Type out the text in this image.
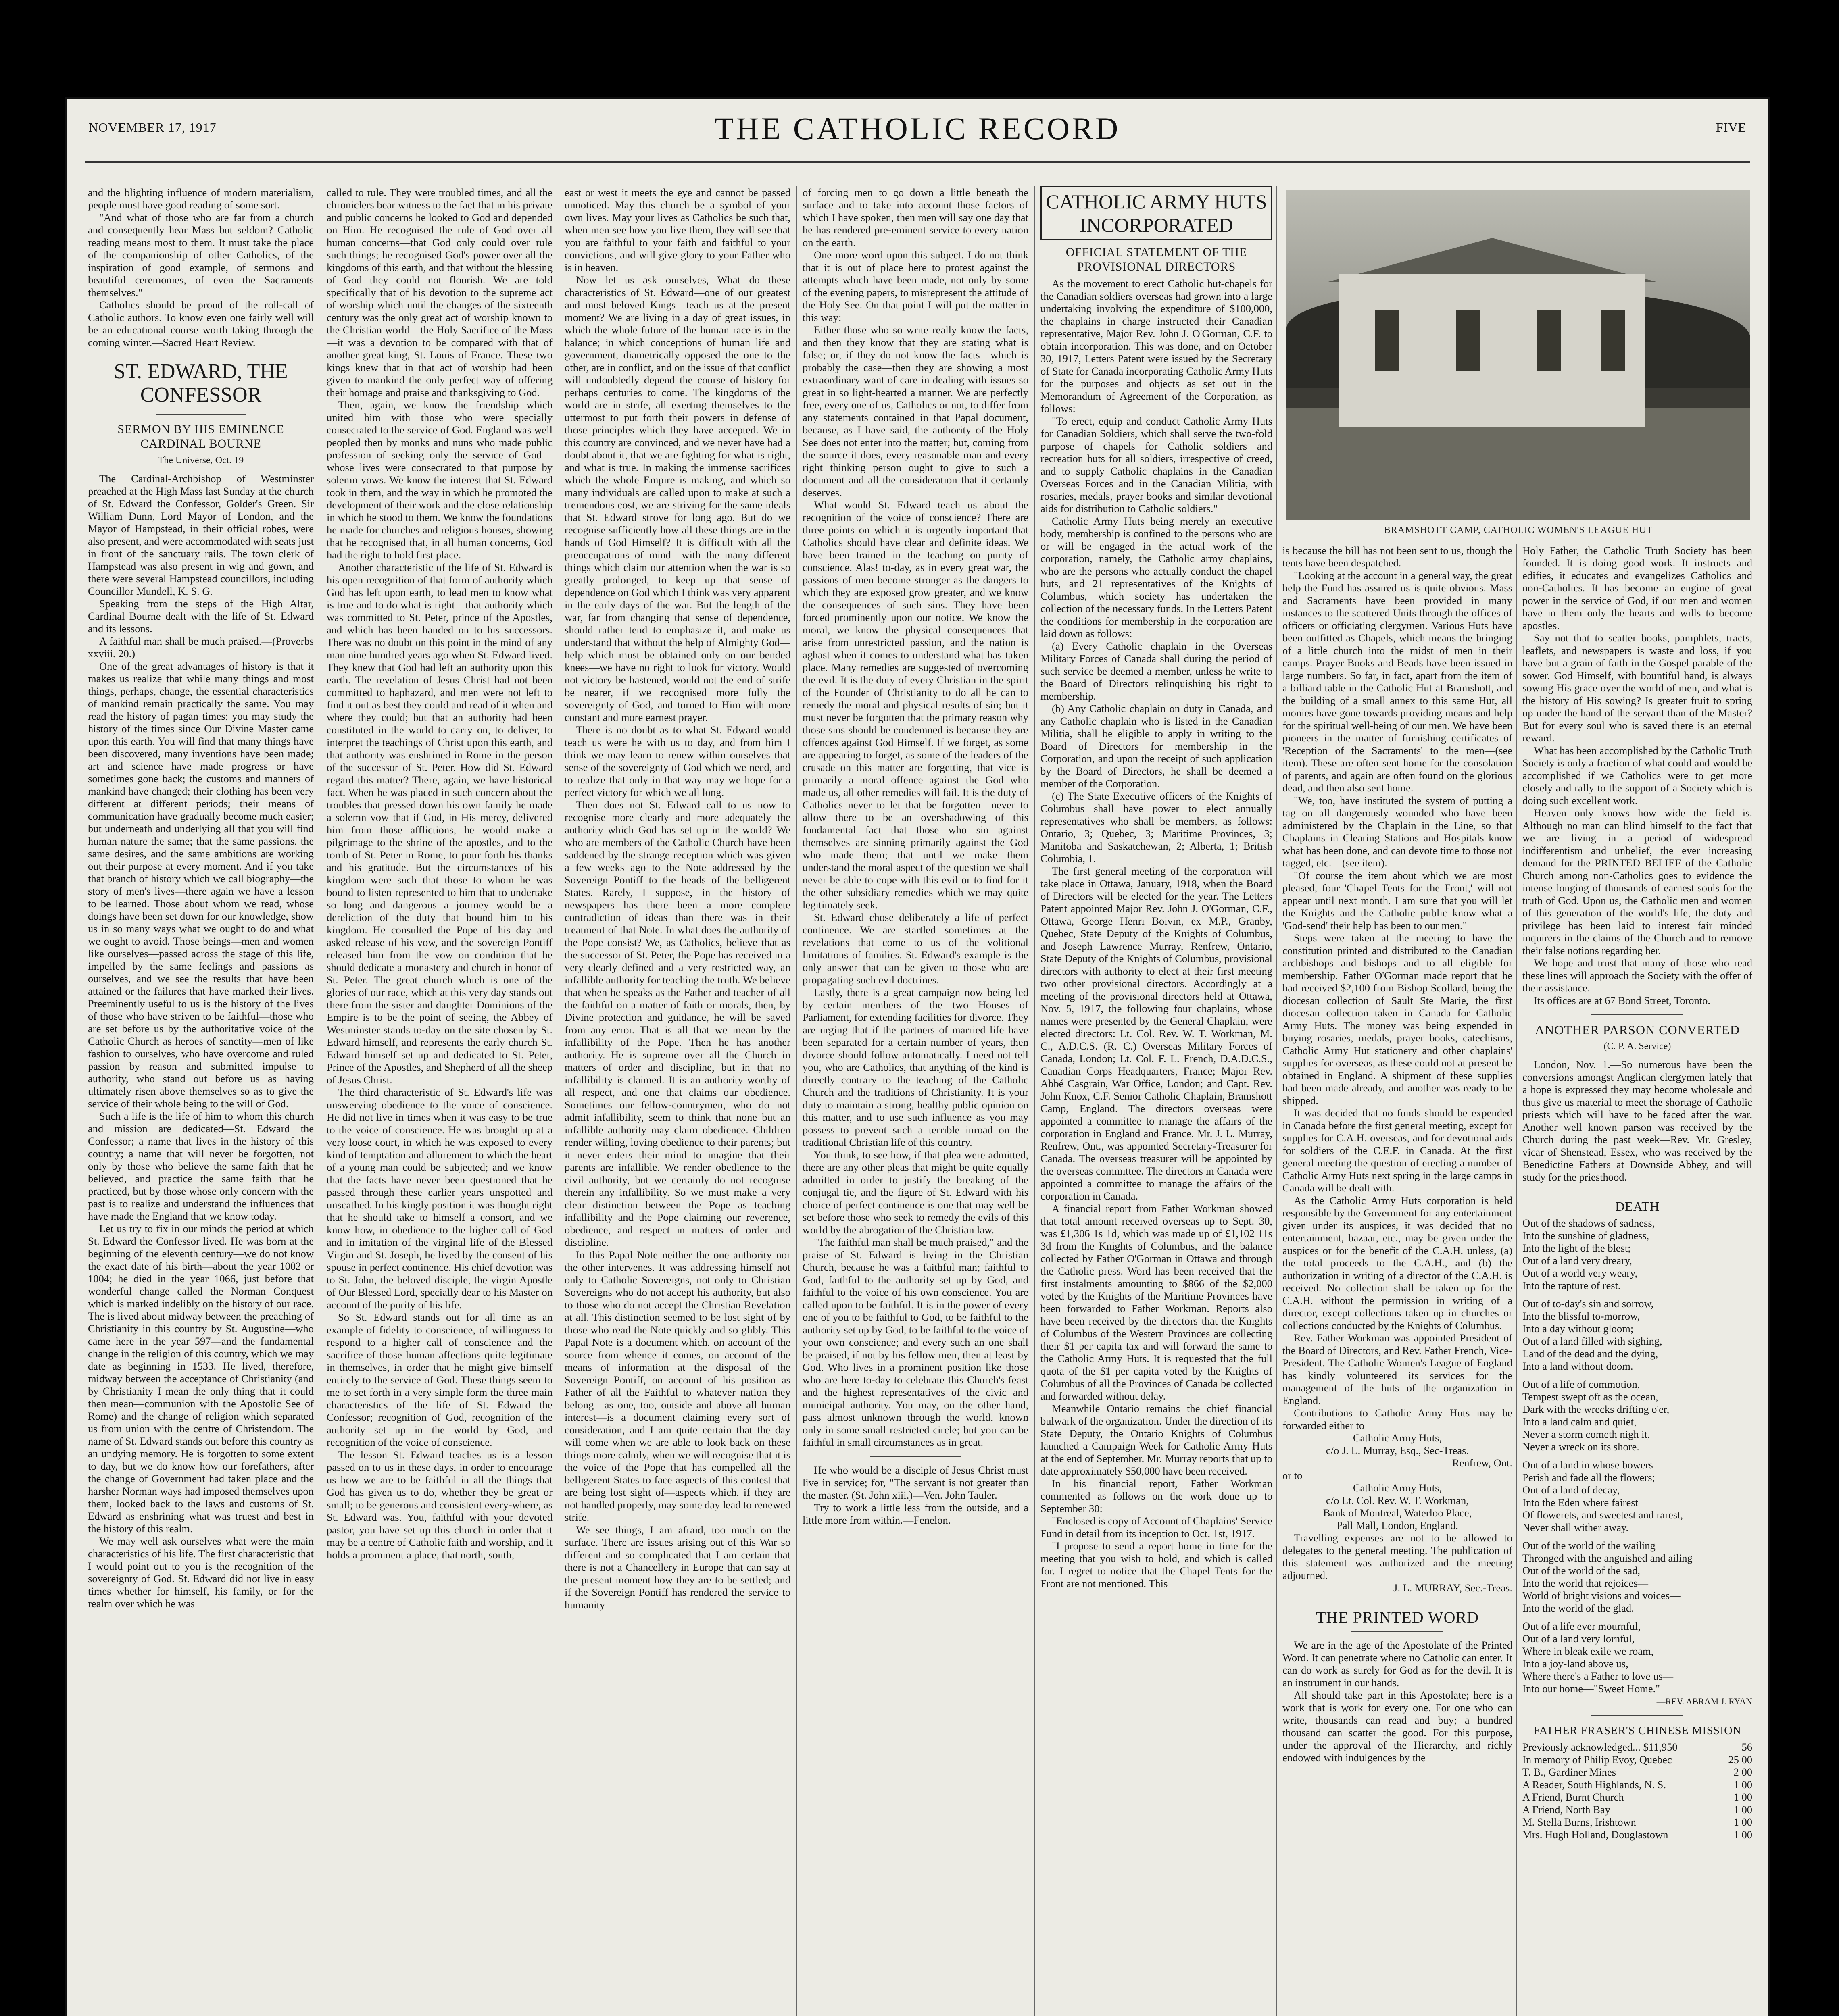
NOVEMBER 17, 1917	THE CATHOLIC RECORD	FIVE

and the blighting influence of modern materialism, people must have good reading of some sort.

"And what of those who are far from a church and consequently hear Mass but seldom? Catholic reading means most to them. It must take the place of the companionship of other Catholics, of the inspiration of good example, of sermons and beautiful ceremonies, of even the Sacraments themselves."

Catholics should be proud of the roll-call of Catholic authors. To know even one fairly well will be an educational course worth taking through the coming winter.—Sacred Heart Review.

ST. EDWARD, THE CONFESSOR
SERMON BY HIS EMINENCE CARDINAL BOURNE
The Universe, Oct. 19

The Cardinal-Archbishop of Westminster preached at the High Mass last Sunday at the church of St. Edward the Confessor, Golder's Green. Sir William Dunn, Lord Mayor of London, and the Mayor of Hampstead, in their official robes, were also present, and were accommodated with seats just in front of the sanctuary rails. The town clerk of Hampstead was also present in wig and gown, and there were several Hampstead councillors, including Councillor Mundell, K. S. G.

Speaking from the steps of the High Altar, Cardinal Bourne dealt with the life of St. Edward and its lessons.

A faithful man shall be much praised.—(Proverbs xxviii. 20.)

One of the great advantages of history is that it makes us realize that while many things and most things, perhaps, change, the essential characteristics of mankind remain practically the same. You may read the history of pagan times; you may study the history of the times since Our Divine Master came upon this earth. You will find that many things have been discovered, many inventions have been made; art and science have made progress or have sometimes gone back; the customs and manners of mankind have changed; their clothing has been very different at different periods; their means of communication have gradually become much easier; but underneath and underlying all that you will find human nature the same; that the same passions, the same desires, and the same ambitions are working out their purpose at every moment. And if you take that branch of history which we call biography—the story of men's lives—there again we have a lesson to be learned. Those about whom we read, whose doings have been set down for our knowledge, show us in so many ways what we ought to do and what we ought to avoid. Those beings—men and women like ourselves—passed across the stage of this life, impelled by the same feelings and passions as ourselves, and we see the results that have been attained or the failures that have marked their lives. Preeminently useful to us is the history of the lives of those who have striven to be faithful—those who are set before us by the authoritative voice of the Catholic Church as heroes of sanctity—men of like fashion to ourselves, who have overcome and ruled passion by reason and submitted impulse to authority, who stand out before us as having ultimately risen above themselves so as to give the service of their whole being to the will of God.

Such a life is the life of him to whom this church and mission are dedicated—St. Edward the Confessor; a name that lives in the history of this country; a name that will never be forgotten, not only by those who believe the same faith that he believed, and practice the same faith that he practiced, but by those whose only concern with the past is to realize and understand the influences that have made the England that we know today.

Let us try to fix in our minds the period at which St. Edward the Confessor lived. He was born at the beginning of the eleventh century—we do not know the exact date of his birth—about the year 1002 or 1004; he died in the year 1066, just before that wonderful change called the Norman Conquest which is marked indelibly on the history of our race. The is lived about midway between the preaching of Christianity in this country by St. Augustine—who came here in the year 597—and the fundamental change in the religion of this country, which we may date as beginning in 1533. He lived, therefore, midway between the acceptance of Christianity (and by Christianity I mean the only thing that it could then mean—communion with the Apostolic See of Rome) and the change of religion which separated us from union with the centre of Christendom. The name of St. Edward stands out before this country as an undying memory. He is forgotten to some extent to day, but we do know how our forefathers, after the change of Government had taken place and the harsher Norman ways had imposed themselves upon them, looked back to the laws and customs of St. Edward as enshrining what was truest and best in the history of this realm.

We may well ask ourselves what were the main characteristics of his life. The first characteristic that I would point out to you is the recognition of the sovereignty of God. St. Edward did not live in easy times whether for himself, his family, or for the realm over which he was

called to rule. They were troubled times, and all the chroniclers bear witness to the fact that in his private and public concerns he looked to God and depended on Him. He recognised the rule of God over all human concerns—that God only could over rule such things; he recognised God's power over all the kingdoms of this earth, and that without the blessing of God they could not flourish. We are told specifically that of his devotion to the supreme act of worship which until the changes of the sixteenth century was the only great act of worship known to the Christian world—the Holy Sacrifice of the Mass—it was a devotion to be compared with that of another great king, St. Louis of France. These two kings knew that in that act of worship had been given to mankind the only perfect way of offering their homage and praise and thanksgiving to God.

Then, again, we know the friendship which united him with those who were specially consecrated to the service of God. England was well peopled then by monks and nuns who made public profession of seeking only the service of God—whose lives were consecrated to that purpose by solemn vows. We know the interest that St. Edward took in them, and the way in which he promoted the development of their work and the close relationship in which he stood to them. We know the foundations he made for churches and religious houses, showing that he recognised that, in all human concerns, God had the right to hold first place.

Another characteristic of the life of St. Edward is his open recognition of that form of authority which God has left upon earth, to lead men to know what is true and to do what is right—that authority which was committed to St. Peter, prince of the Apostles, and which has been handed on to his successors. There was no doubt on this point in the mind of any man nine hundred years ago when St. Edward lived. They knew that God had left an authority upon this earth. The revelation of Jesus Christ had not been committed to haphazard, and men were not left to find it out as best they could and read of it when and where they could; but that an authority had been constituted in the world to carry on, to deliver, to interpret the teachings of Christ upon this earth, and that authority was enshrined in Rome in the person of the successor of St. Peter. How did St. Edward regard this matter? There, again, we have historical fact. When he was placed in such concern about the troubles that pressed down his own family he made a solemn vow that if God, in His mercy, delivered him from those afflictions, he would make a pilgrimage to the shrine of the apostles, and to the tomb of St. Peter in Rome, to pour forth his thanks and his gratitude. But the circumstances of his kingdom were such that those to whom he was bound to listen represented to him that to undertake so long and dangerous a journey would be a dereliction of the duty that bound him to his kingdom. He consulted the Pope of his day and asked release of his vow, and the sovereign Pontiff released him from the vow on condition that he should dedicate a monastery and church in honor of St. Peter. The great church which is one of the glories of our race, which at this very day stands out there from the sister and daughter Dominions of the Empire is to be the point of seeing, the Abbey of Westminster stands to-day on the site chosen by St. Edward himself, and represents the early church St. Edward himself set up and dedicated to St. Peter, Prince of the Apostles, and Shepherd of all the sheep of Jesus Christ.

The third characteristic of St. Edward's life was unswerving obedience to the voice of conscience. He did not live in times when it was easy to be true to the voice of conscience. He was brought up at a very loose court, in which he was exposed to every kind of temptation and allurement to which the heart of a young man could be subjected; and we know that the facts have never been questioned that he passed through these earlier years unspotted and unscathed. In his kingly position it was thought right that he should take to himself a consort, and we know how, in obedience to the higher call of God and in imitation of the virginal life of the Blessed Virgin and St. Joseph, he lived by the consent of his spouse in perfect continence. His chief devotion was to St. John, the beloved disciple, the virgin Apostle of Our Blessed Lord, specially dear to his Master on account of the purity of his life.

So St. Edward stands out for all time as an example of fidelity to conscience, of willingness to respond to a higher call of conscience and the sacrifice of those human affections quite legitimate in themselves, in order that he might give himself entirely to the service of God. These things seem to me to set forth in a very simple form the three main characteristics of the life of St. Edward the Confessor; recognition of God, recognition of the authority set up in the world by God, and recognition of the voice of conscience.

The lesson St. Edward teaches us is a lesson passed on to us in these days, in order to encourage us how we are to be faithful in all the things that God has given us to do, whether they be great or small; to be generous and consistent every-where, as St. Edward was. You, faithful with your devoted pastor, you have set up this church in order that it may be a centre of Catholic faith and worship, and it holds a prominent a place, that north, south,

east or west it meets the eye and cannot be passed unnoticed. May this church be a symbol of your own lives. May your lives as Catholics be such that, when men see how you live them, they will see that you are faithful to your faith and faithful to your convictions, and will give glory to your Father who is in heaven.

Now let us ask ourselves, What do these characteristics of St. Edward—one of our greatest and most beloved Kings—teach us at the present moment? We are living in a day of great issues, in which the whole future of the human race is in the balance; in which conceptions of human life and government, diametrically opposed the one to the other, are in conflict, and on the issue of that conflict will undoubtedly depend the course of history for perhaps centuries to come. The kingdoms of the world are in strife, all exerting themselves to the uttermost to put forth their powers in defense of those principles which they have accepted. We in this country are convinced, and we never have had a doubt about it, that we are fighting for what is right, and what is true. In making the immense sacrifices which the whole Empire is making, and which so many individuals are called upon to make at such a tremendous cost, we are striving for the same ideals that St. Edward strove for long ago. But do we recognise sufficiently how all these things are in the hands of God Himself? It is difficult with all the preoccupations of mind—with the many different things which claim our attention when the war is so greatly prolonged, to keep up that sense of dependence on God which I think was very apparent in the early days of the war. But the length of the war, far from changing that sense of dependence, should rather tend to emphasize it, and make us understand that without the help of Almighty God—help which must be obtained only on our bended knees—we have no right to look for victory. Would not victory be hastened, would not the end of strife be nearer, if we recognised more fully the sovereignty of God, and turned to Him with more constant and more earnest prayer.

There is no doubt as to what St. Edward would teach us were he with us to day, and from him I think we may learn to renew within ourselves that sense of the sovereignty of God which we need, and to realize that only in that way may we hope for a perfect victory for which we all long.

Then does not St. Edward call to us now to recognise more clearly and more adequately the authority which God has set up in the world? We who are members of the Catholic Church have been saddened by the strange reception which was given a few weeks ago to the Note addressed by the Sovereign Pontiff to the heads of the belligerent States. Rarely, I suppose, in the history of newspapers has there been a more complete contradiction of ideas than there was in their treatment of that Note. In what does the authority of the Pope consist? We, as Catholics, believe that as the successor of St. Peter, the Pope has received in a very clearly defined and a very restricted way, an infallible authority for teaching the truth. We believe that when he speaks as the Father and teacher of all the faithful on a matter of faith or morals, then, by Divine protection and guidance, he will be saved from any error. That is all that we mean by the infallibility of the Pope. Then he has another authority. He is supreme over all the Church in matters of order and discipline, but in that no infallibility is claimed. It is an authority worthy of all respect, and one that claims our obedience. Sometimes our fellow-countrymen, who do not admit infallibility, seem to think that none but an infallible authority may claim obedience. Children render willing, loving obedience to their parents; but it never enters their mind to imagine that their parents are infallible. We render obedience to the civil authority, but we certainly do not recognise therein any infallibility. So we must make a very clear distinction between the Pope as teaching infallibility and the Pope claiming our reverence, obedience, and respect in matters of order and discipline.

In this Papal Note neither the one authority nor the other intervenes. It was addressing himself not only to Catholic Sovereigns, not only to Christian Sovereigns who do not accept his authority, but also to those who do not accept the Christian Revelation at all. This distinction seemed to be lost sight of by those who read the Note quickly and so glibly. This Papal Note is a document which, on account of the source from whence it comes, on account of the means of information at the disposal of the Sovereign Pontiff, on account of his position as Father of all the Faithful to whatever nation they belong—as one, too, outside and above all human interest—is a document claiming every sort of consideration, and I am quite certain that the day will come when we are able to look back on these things more calmly, when we will recognise that it is the voice of the Pope that has compelled all the belligerent States to face aspects of this contest that are being lost sight of—aspects which, if they are not handled properly, may some day lead to renewed strife.

We see things, I am afraid, too much on the surface. There are issues arising out of this War so different and so complicated that I am certain that there is not a Chancellery in Europe that can say at the present moment how they are to be settled; and if the Sovereign Pontiff has rendered the service to humanity

of forcing men to go down a little beneath the surface and to take into account those factors of which I have spoken, then men will say one day that he has rendered pre-eminent service to every nation on the earth.

One more word upon this subject. I do not think that it is out of place here to protest against the attempts which have been made, not only by some of the evening papers, to misrepresent the attitude of the Holy See. On that point I will put the matter in this way:

Either those who so write really know the facts, and then they know that they are stating what is false; or, if they do not know the facts—which is probably the case—then they are showing a most extraordinary want of care in dealing with issues so great in so light-hearted a manner. We are perfectly free, every one of us, Catholics or not, to differ from any statements contained in that Papal document, because, as I have said, the authority of the Holy See does not enter into the matter; but, coming from the source it does, every reasonable man and every right thinking person ought to give to such a document and all the consideration that it certainly deserves.

What would St. Edward teach us about the recognition of the voice of conscience? There are three points on which it is urgently important that Catholics should have clear and definite ideas. We have been trained in the teaching on purity of conscience. Alas! to-day, as in every great war, the passions of men become stronger as the dangers to which they are exposed grow greater, and we know the consequences of such sins. They have been forced prominently upon our notice. We know the moral, we know the physical consequences that arise from unrestricted passion, and the nation is aghast when it comes to understand what has taken place. Many remedies are suggested of overcoming the evil. It is the duty of every Christian in the spirit of the Founder of Christianity to do all he can to remedy the moral and physical results of sin; but it must never be forgotten that the primary reason why those sins should be condemned is because they are offences against God Himself. If we forget, as some are appearing to forget, as some of the leaders of the crusade on this matter are forgetting, that vice is primarily a moral offence against the God who made us, all other remedies will fail. It is the duty of Catholics never to let that be forgotten—never to allow there to be an overshadowing of this fundamental fact that those who sin against themselves are sinning primarily against the God who made them; that until we make them understand the moral aspect of the question we shall never be able to cope with this evil or to find for it the other subsidiary remedies which we may quite legitimately seek.

St. Edward chose deliberately a life of perfect continence. We are startled sometimes at the revelations that come to us of the volitional limitations of families. St. Edward's example is the only answer that can be given to those who are propagating such evil doctrines.

Lastly, there is a great campaign now being led by certain members of the two Houses of Parliament, for extending facilities for divorce. They are urging that if the partners of married life have been separated for a certain number of years, then divorce should follow automatically. I need not tell you, who are Catholics, that anything of the kind is directly contrary to the teaching of the Catholic Church and the traditions of Christianity. It is your duty to maintain a strong, healthy public opinion on this matter, and to use such influence as you may possess to prevent such a terrible inroad on the traditional Christian life of this country.

You think, to see how, if that plea were admitted, there are any other pleas that might be quite equally admitted in order to justify the breaking of the conjugal tie, and the figure of St. Edward with his choice of perfect continence is one that may well be set before those who seek to remedy the evils of this world by the abrogation of the Christian law.

"The faithful man shall be much praised," and the praise of St. Edward is living in the Christian Church, because he was a faithful man; faithful to God, faithful to the authority set up by God, and faithful to the voice of his own conscience. You are called upon to be faithful. It is in the power of every one of you to be faithful to God, to be faithful to the authority set up by God, to be faithful to the voice of your own conscience; and every such an one shall be praised, if not by his fellow men, then at least by God. Who lives in a prominent position like those who are here to-day to celebrate this Church's feast and the highest representatives of the civic and municipal authority. You may, on the other hand, pass almost unknown through the world, known only in some small restricted circle; but you can be faithful in small circumstances as in great.

He who would be a disciple of Jesus Christ must live in service; for, "The servant is not greater than the master. (St. John xiii.)—Ven. John Tauler.

Try to work a little less from the outside, and a little more from within.—Fenelon.

CATHOLIC ARMY HUTS INCORPORATED
OFFICIAL STATEMENT OF THE PROVISIONAL DIRECTORS

As the movement to erect Catholic hut-chapels for the Canadian soldiers overseas had grown into a large undertaking involving the expenditure of $100,000, the chaplains in charge instructed their Canadian representative, Major Rev. John J. O'Gorman, C.F. to obtain incorporation. This was done, and on October 30, 1917, Letters Patent were issued by the Secretary of State for Canada incorporating Catholic Army Huts for the purposes and objects as set out in the Memorandum of Agreement of the Corporation, as follows:

"To erect, equip and conduct Catholic Army Huts for Canadian Soldiers, which shall serve the two-fold purpose of chapels for Catholic soldiers and recreation huts for all soldiers, irrespective of creed, and to supply Catholic chaplains in the Canadian Overseas Forces and in the Canadian Militia, with rosaries, medals, prayer books and similar devotional aids for distribution to Catholic soldiers."

Catholic Army Huts being merely an executive body, membership is confined to the persons who are or will be engaged in the actual work of the corporation, namely, the Catholic army chaplains, who are the persons who actually conduct the chapel huts, and 21 representatives of the Knights of Columbus, which society has undertaken the collection of the necessary funds. In the Letters Patent the conditions for membership in the corporation are laid down as follows:

(a) Every Catholic chaplain in the Overseas Military Forces of Canada shall during the period of such service be deemed a member, unless he write to the Board of Directors relinquishing his right to membership.

(b) Any Catholic chaplain on duty in Canada, and any Catholic chaplain who is listed in the Canadian Militia, shall be eligible to apply in writing to the Board of Directors for membership in the Corporation, and upon the receipt of such application by the Board of Directors, he shall be deemed a member of the Corporation.

(c) The State Executive officers of the Knights of Columbus shall have power to elect annually representatives who shall be members, as follows: Ontario, 3; Quebec, 3; Maritime Provinces, 3; Manitoba and Saskatchewan, 2; Alberta, 1; British Columbia, 1.

The first general meeting of the corporation will take place in Ottawa, January, 1918, when the Board of Directors will be elected for the year. The Letters Patent appointed Major Rev. John J. O'Gorman, C.F., Ottawa, George Henri Boivin, ex M.P., Granby, Quebec, State Deputy of the Knights of Columbus, and Joseph Lawrence Murray, Renfrew, Ontario, State Deputy of the Knights of Columbus, provisional directors with authority to elect at their first meeting two other provisional directors. Accordingly at a meeting of the provisional directors held at Ottawa, Nov. 5, 1917, the following four chaplains, whose names were presented by the General Chaplain, were elected directors: Lt. Col. Rev. W. T. Workman, M. C., A.D.C.S. (R. C.) Overseas Military Forces of Canada, London; Lt. Col. F. L. French, D.A.D.C.S., Canadian Corps Headquarters, France; Major Rev. Abbé Casgrain, War Office, London; and Capt. Rev. John Knox, C.F. Senior Catholic Chaplain, Bramshott Camp, England. The directors overseas were appointed a committee to manage the affairs of the corporation in England and France. Mr. J. L. Murray, Renfrew, Ont., was appointed Secretary-Treasurer for Canada. The overseas treasurer will be appointed by the overseas committee. The directors in Canada were appointed a committee to manage the affairs of the corporation in Canada.

A financial report from Father Workman showed that total amount received overseas up to Sept. 30, was £1,306 1s 1d, which was made up of £1,102 11s 3d from the Knights of Columbus, and the balance collected by Father O'Gorman in Ottawa and through the Catholic press. Word has been received that the first instalments amounting to $866 of the $2,000 voted by the Knights of the Maritime Provinces have been forwarded to Father Workman. Reports also have been received by the directors that the Knights of Columbus of the Western Provinces are collecting their $1 per capita tax and will forward the same to the Catholic Army Huts. It is requested that the full quota of the $1 per capita voted by the Knights of Columbus of all the Provinces of Canada be collected and forwarded without delay.

Meanwhile Ontario remains the chief financial bulwark of the organization. Under the direction of its State Deputy, the Ontario Knights of Columbus launched a Campaign Week for Catholic Army Huts at the end of September. Mr. Murray reports that up to date approximately $50,000 have been received.

In his financial report, Father Workman commented as follows on the work done up to September 30:

"Enclosed is copy of Account of Chaplains' Service Fund in detail from its inception to Oct. 1st, 1917.

"I propose to send a report home in time for the meeting that you wish to hold, and which is called for. I regret to notice that the Chapel Tents for the Front are not mentioned. This

BRAMSHOTT CAMP, CATHOLIC WOMEN'S LEAGUE HUT

is because the bill has not been sent to us, though the tents have been despatched.

"Looking at the account in a general way, the great help the Fund has assured us is quite obvious. Mass and Sacraments have been provided in many instances to the scattered Units through the offices of officers or officiating clergymen. Various Huts have been outfitted as Chapels, which means the bringing of a little church into the midst of men in their camps. Prayer Books and Beads have been issued in large numbers. So far, in fact, apart from the item of a billiard table in the Catholic Hut at Bramshott, and the building of a small annex to this same Hut, all monies have gone towards providing means and help for the spiritual well-being of our men. We have been pioneers in the matter of furnishing certificates of 'Reception of the Sacraments' to the men—(see item). These are often sent home for the consolation of parents, and again are often found on the glorious dead, and then also sent home.

"We, too, have instituted the system of putting a tag on all dangerously wounded who have been administered by the Chaplain in the Line, so that Chaplains in Clearing Stations and Hospitals know what has been done, and can devote time to those not tagged, etc.—(see item).

"Of course the item about which we are most pleased, four 'Chapel Tents for the Front,' will not appear until next month. I am sure that you will let the Knights and the Catholic public know what a 'God-send' their help has been to our men."

Steps were taken at the meeting to have the constitution printed and distributed to the Canadian archbishops and bishops and to all eligible for membership. Father O'Gorman made report that he had received $2,100 from Bishop Scollard, being the diocesan collection of Sault Ste Marie, the first diocesan collection taken in Canada for Catholic Army Huts. The money was being expended in buying rosaries, medals, prayer books, catechisms, Catholic Army Hut stationery and other chaplains' supplies for overseas, as these could not at present be obtained in England. A shipment of these supplies had been made already, and another was ready to be shipped.

It was decided that no funds should be expended in Canada before the first general meeting, except for supplies for C.A.H. overseas, and for devotional aids for soldiers of the C.E.F. in Canada. At the first general meeting the question of erecting a number of Catholic Army Huts next spring in the large camps in Canada will be dealt with.

As the Catholic Army Huts corporation is held responsible by the Government for any entertainment given under its auspices, it was decided that no entertainment, bazaar, etc., may be given under the auspices or for the benefit of the C.A.H. unless, (a) the total proceeds to the C.A.H., and (b) the authorization in writing of a director of the C.A.H. is received. No collection shall be taken up for the C.A.H. without the permission in writing of a director, except collections taken up in churches or collections conducted by the Knights of Columbus.

Rev. Father Workman was appointed President of the Board of Directors, and Rev. Father French, Vice-President. The Catholic Women's League of England has kindly volunteered its services for the management of the huts of the organization in England.

Contributions to Catholic Army Huts may be forwarded either to

Catholic Army Huts,
c/o J. L. Murray, Esq., Sec-Treas.
Renfrew, Ont.
or to
Catholic Army Huts,
c/o Lt. Col. Rev. W. T. Workman,
Bank of Montreal, Waterloo Place,
Pall Mall, London, England.

Travelling expenses are not to be allowed to delegates to the general meeting. The publication of this statement was authorized and the meeting adjourned.

J. L. MURRAY, Sec.-Treas.
THE PRINTED WORD

We are in the age of the Apostolate of the Printed Word. It can penetrate where no Catholic can enter. It can do work as surely for God as for the devil. It is an instrument in our hands.

All should take part in this Apostolate; here is a work that is work for every one. For one who can write, thousands can read and buy; a hundred thousand can scatter the good. For this purpose, under the approval of the Hierarchy, and richly endowed with indulgences by the

Holy Father, the Catholic Truth Society has been founded. It is doing good work. It instructs and edifies, it educates and evangelizes Catholics and non-Catholics. It has become an engine of great power in the service of God, if our men and women have in them only the hearts and wills to become apostles.

Say not that to scatter books, pamphlets, tracts, leaflets, and newspapers is waste and loss, if you have but a grain of faith in the Gospel parable of the sower. God Himself, with bountiful hand, is always sowing His grace over the world of men, and what is the history of His sowing? Is greater fruit to spring up under the hand of the servant than of the Master? But for every soul who is saved there is an eternal reward.

What has been accomplished by the Catholic Truth Society is only a fraction of what could and would be accomplished if we Catholics were to get more closely and rally to the support of a Society which is doing such excellent work.

Heaven only knows how wide the field is. Although no man can blind himself to the fact that we are living in a period of widespread indifferentism and unbelief, the ever increasing demand for the PRINTED BELIEF of the Catholic Church among non-Catholics goes to evidence the intense longing of thousands of earnest souls for the truth of God. Upon us, the Catholic men and women of this generation of the world's life, the duty and privilege has been laid to interest fair minded inquirers in the claims of the Church and to remove their false notions regarding her.

We hope and trust that many of those who read these lines will approach the Society with the offer of their assistance.

Its offices are at 67 Bond Street, Toronto.

ANOTHER PARSON CONVERTED
(C. P. A. Service)

London, Nov. 1.—So numerous have been the conversions amongst Anglican clergymen lately that a hope is expressed they may become wholesale and thus give us material to meet the shortage of Catholic priests which will have to be faced after the war. Another well known parson was received by the Church during the past week—Rev. Mr. Gresley, vicar of Shenstead, Essex, who was received by the Benedictine Fathers at Downside Abbey, and will study for the priesthood.

DEATH

Out of the shadows of sadness,

Into the sunshine of gladness,

Into the light of the blest;

Out of a land very dreary,

Out of a world very weary,

Into the rapture of rest.

Out of to-day's sin and sorrow,

Into the blissful to-morrow,

Into a day without gloom;

Out of a land filled with sighing,

Land of the dead and the dying,

Into a land without doom.

Out of a life of commotion,

Tempest swept oft as the ocean,

Dark with the wrecks drifting o'er,

Into a land calm and quiet,

Never a storm cometh nigh it,

Never a wreck on its shore.

Out of a land in whose bowers

Perish and fade all the flowers;

Out of a land of decay,

Into the Eden where fairest

Of flowerets, and sweetest and rarest,

Never shall wither away.

Out of the world of the wailing

Thronged with the anguished and ailing

Out of the world of the sad,

Into the world that rejoices—

World of bright visions and voices—

Into the world of the glad.

Out of a life ever mournful,

Out of a land very lornful,

Where in bleak exile we roam,

Into a joy-land above us,

Where there's a Father to love us—

Into our home—"Sweet Home."

—REV. ABRAM J. RYAN
FATHER FRASER'S CHINESE MISSION
Previously acknowledged... $11,950	56
In memory of Philip Evoy, Quebec	25 00
T. B., Gardiner Mines	2 00
A Reader, South Highlands, N. S.	1 00
A Friend, Burnt Church	1 00
A Friend, North Bay	1 00
M. Stella Burns, Irishtown	1 00
Mrs. Hugh Holland, Douglastown	1 00
